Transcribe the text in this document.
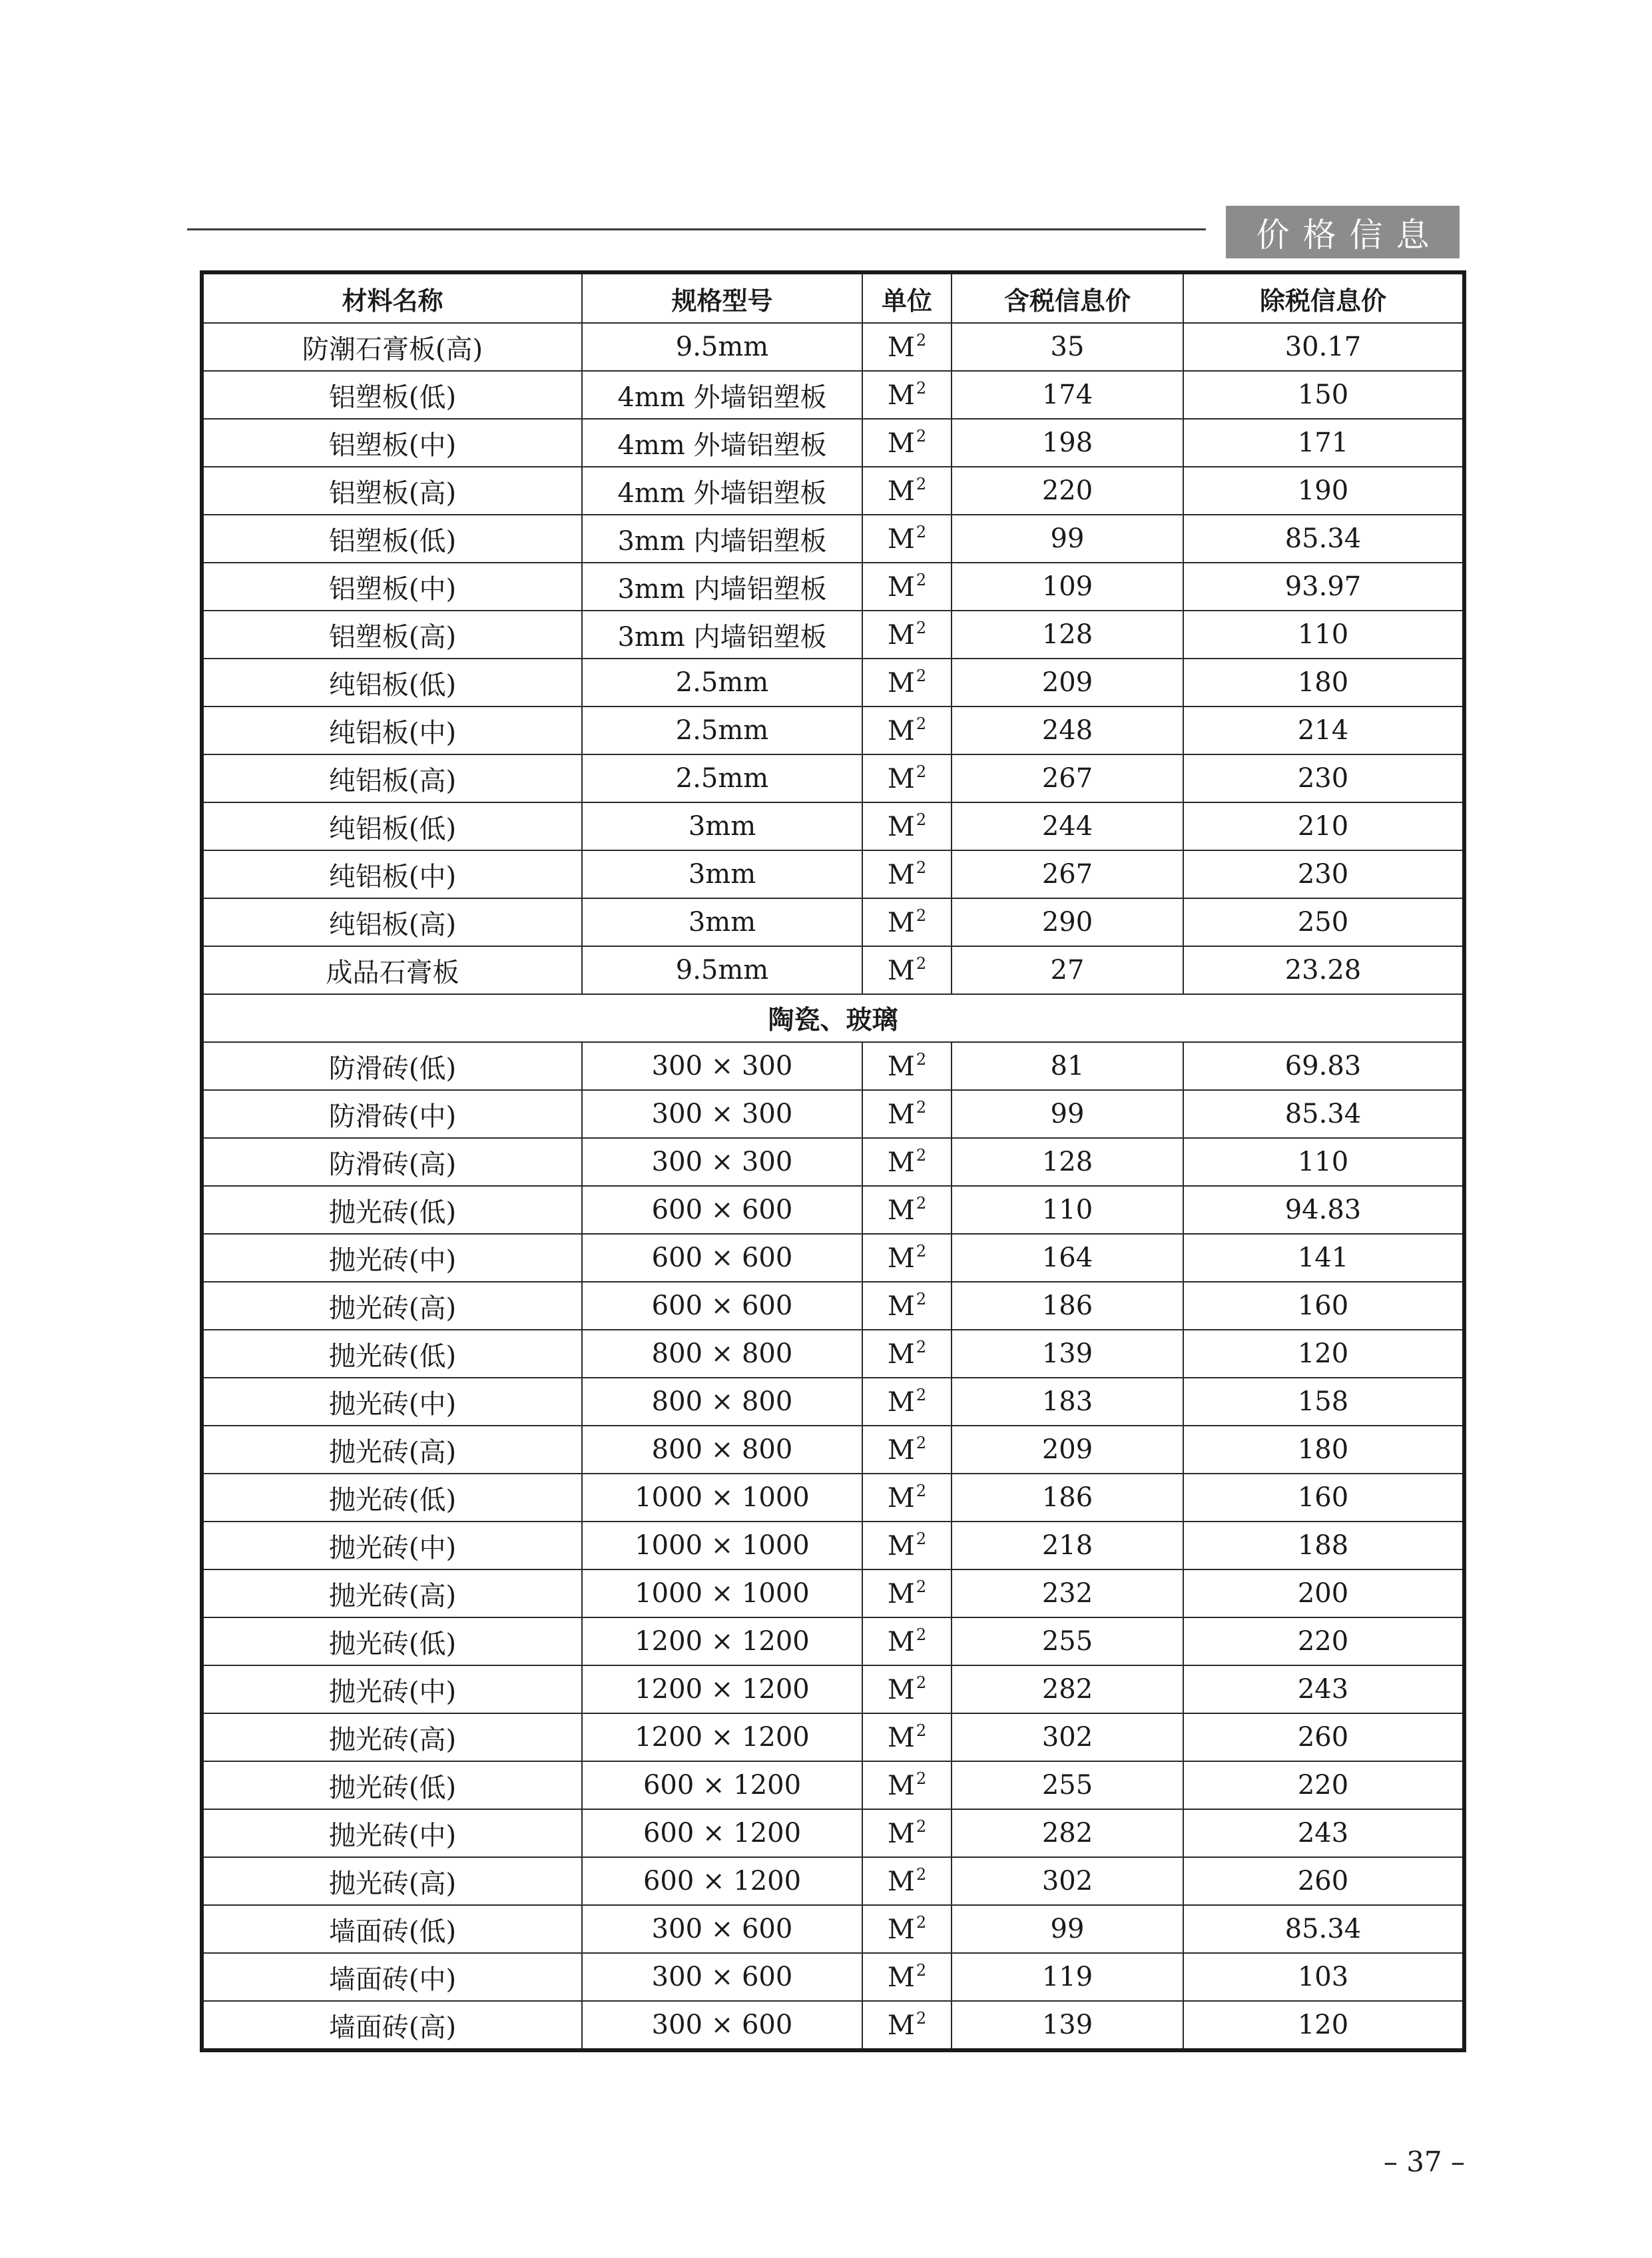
价格信息
材料名称	规格型号	单位	含税信息价	除税信息价
防潮石膏板(高)	9.5mm	$M^2$	35	30.17
铝塑板(低)	4mm 外墙铝塑板	$M^2$	174	150
铝塑板(中)	4mm 外墙铝塑板	$M^2$	198	171
铝塑板(高)	4mm 外墙铝塑板	$M^2$	220	190
铝塑板(低)	3mm 内墙铝塑板	$M^2$	99	85.34
铝塑板(中)	3mm 内墙铝塑板	$M^2$	109	93.97
铝塑板(高)	3mm 内墙铝塑板	$M^2$	128	110
纯铝板(低)	2.5mm	$M^2$	209	180
纯铝板(中)	2.5mm	$M^2$	248	214
纯铝板(高)	2.5mm	$M^2$	267	230
纯铝板(低)	3mm	$M^2$	244	210
纯铝板(中)	3mm	$M^2$	267	230
纯铝板(高)	3mm	$M^2$	290	250
成品石膏板	9.5mm	$M^2$	27	23.28
陶瓷、玻璃				
防滑砖(低)	300 × 300	$M^2$	81	69.83
防滑砖(中)	300 × 300	$M^2$	99	85.34
防滑砖(高)	300 × 300	$M^2$	128	110
抛光砖(低)	600 × 600	$M^2$	110	94.83
抛光砖(中)	600 × 600	$M^2$	164	141
抛光砖(高)	600 × 600	$M^2$	186	160
抛光砖(低)	800 × 800	$M^2$	139	120
抛光砖(中)	800 × 800	$M^2$	183	158
抛光砖(高)	800 × 800	$M^2$	209	180
抛光砖(低)	1000 × 1000	$M^2$	186	160
抛光砖(中)	1000 × 1000	$M^2$	218	188
抛光砖(高)	1000 × 1000	$M^2$	232	200
抛光砖(低)	1200 × 1200	$M^2$	255	220
抛光砖(中)	1200 × 1200	$M^2$	282	243
抛光砖(高)	1200 × 1200	$M^2$	302	260
抛光砖(低)	600 × 1200	$M^2$	255	220
抛光砖(中)	600 × 1200	$M^2$	282	243
抛光砖(高)	600 × 1200	$M^2$	302	260
墙面砖(低)	300 × 600	$M^2$	99	85.34
墙面砖(中)	300 × 600	$M^2$	119	103
墙面砖(高)	300 × 600	$M^2$	139	120
– 37 –
